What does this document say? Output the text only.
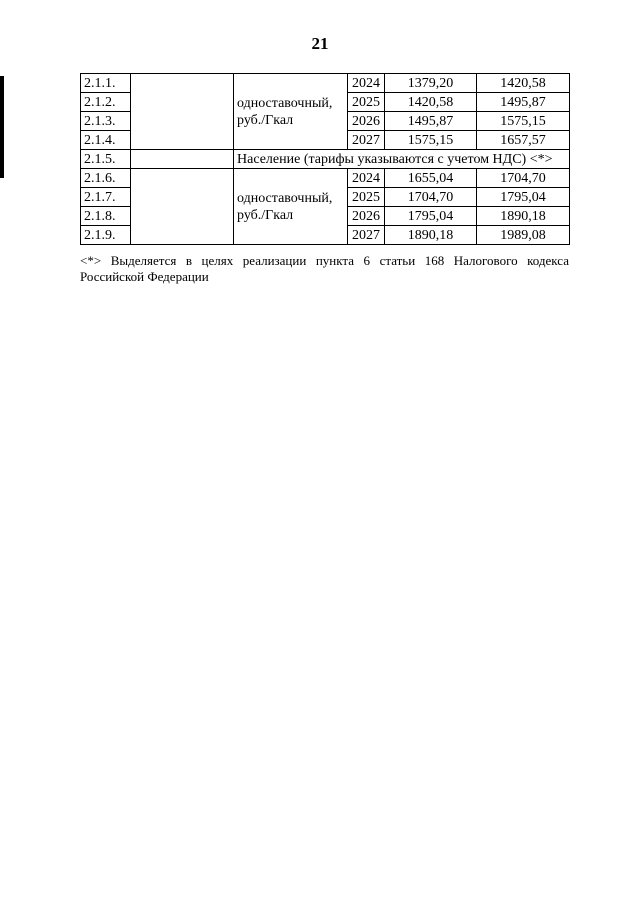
21
2.1.1.		одноставочный, руб./Гкал	2024	1379,20	1420,58
2.1.2.			2025	1420,58	1495,87
2.1.3.			2026	1495,87	1575,15
2.1.4.			2027	1575,15	1657,57
2.1.5.		Население (тарифы указываются с учетом НДС) <*>			
2.1.6.		одноставочный, руб./Гкал	2024	1655,04	1704,70
2.1.7.			2025	1704,70	1795,04
2.1.8.			2026	1795,04	1890,18
2.1.9.			2027	1890,18	1989,08
<*> Выделяется в целях реализации пункта 6 статьи 168 Налогового кодекса Российской Федерации
